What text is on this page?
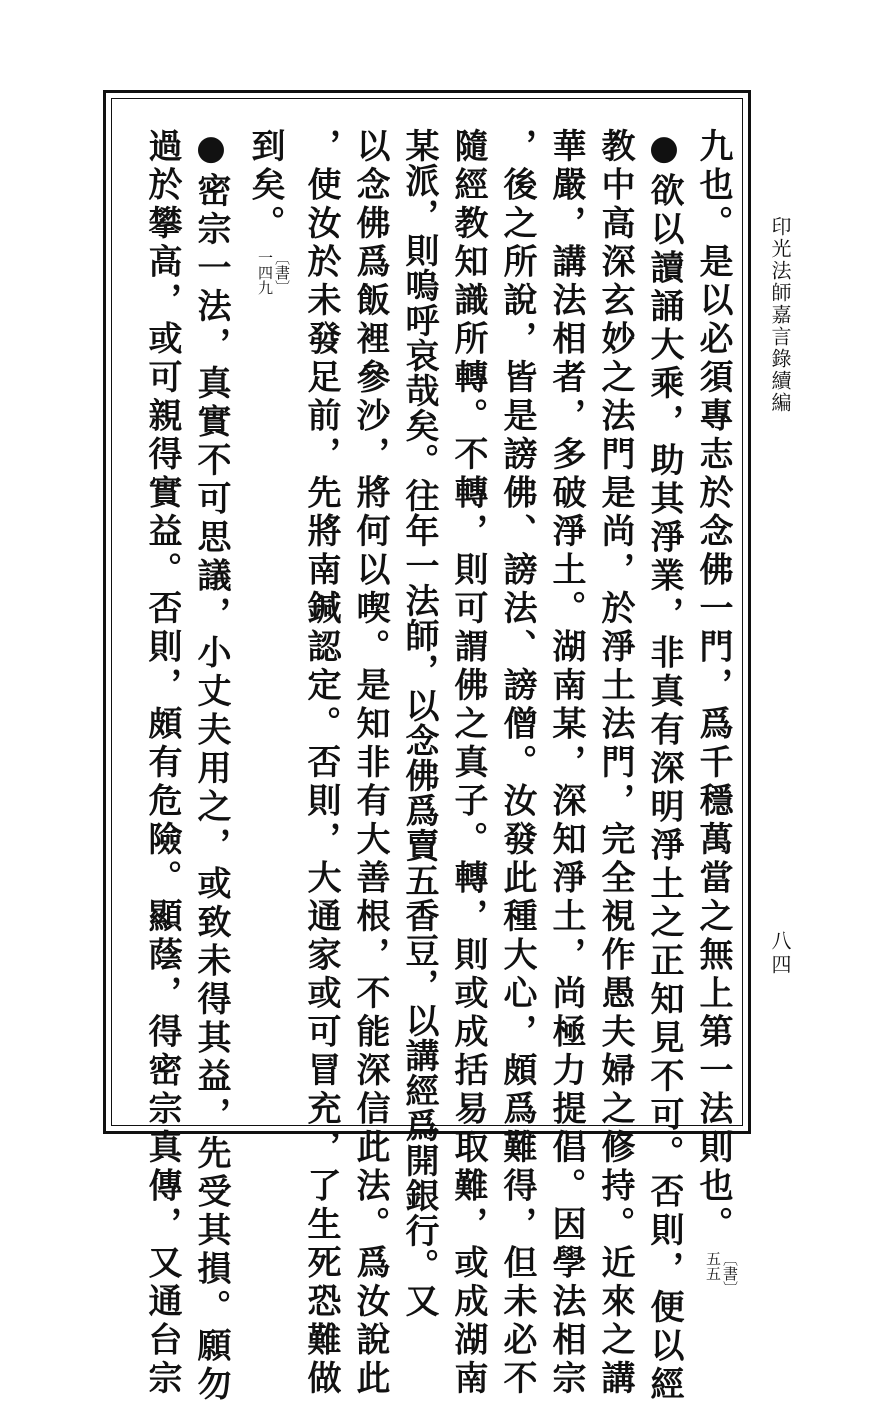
印光法師嘉言錄續編
八四
九也。是以必須專志於念佛一門，爲千穩萬當之無上第一法則也。
︹書︺
五五
●欲以讀誦大乘，助其淨業，非真有深明淨土之正知見不可。否則，便以經
教中高深玄妙之法門是尚，於淨土法門，完全視作愚夫婦之修持。近來之講
華嚴，講法相者，多破淨土。湖南某，深知淨土，尚極力提倡。因學法相宗
，後之所說，皆是謗佛、謗法、謗僧。汝發此種大心，頗爲難得，但未必不
隨經教知識所轉。不轉，則可謂佛之真子。轉，則或成括易取難，或成湖南
某派，則嗚呼哀哉矣。往年一法師，以念佛爲賣五香豆，以講經爲開銀行。又
以念佛爲飯裡參沙，將何以喫。是知非有大善根，不能深信此法。爲汝說此
，使汝於未發足前，先將南鍼認定。否則，大通家或可冒充，了生死恐難做
到矣。
︹書︺
一四九
●密宗一法，真實不可思議，小丈夫用之，或致未得其益，先受其損。願勿
過於攀高，或可親得實益。否則，頗有危險。顯蔭，得密宗真傳，又通台宗
